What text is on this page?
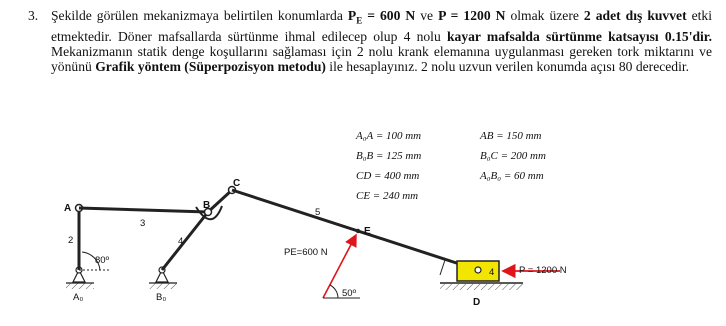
3. Şekilde görülen mekanizmaya belirtilen konumlarda $P_E = 600$ N ve P = 1200 N olmak üzere 2 adet dış kuvvet etki etmektedir. Döner mafsallarda sürtünme ihmal edilecep olup 4 nolu kayar mafsalda sürtünme katsayısı 0.15'dir. Mekanizmanın statik denge koşullarını sağlaması için 2 nolu krank elemanına uygulanması gereken tork miktarını ve yönünü Grafik yöntem (Süperpozisyon metodu) ile hesaplayınız. 2 nolu uzvun verilen konumda açısı 80 derecedir.
A₀A = 100 mm
B₀B = 125 mm
CD = 400 mm
CE = 240 mm
AB = 150 mm
B₀C = 200 mm
A₀B₀ = 60 mm
A₀	B₀
80º
2
A
3
4
B
C
5
E
50º
PE=600 N
4
D
P = 1200 N
